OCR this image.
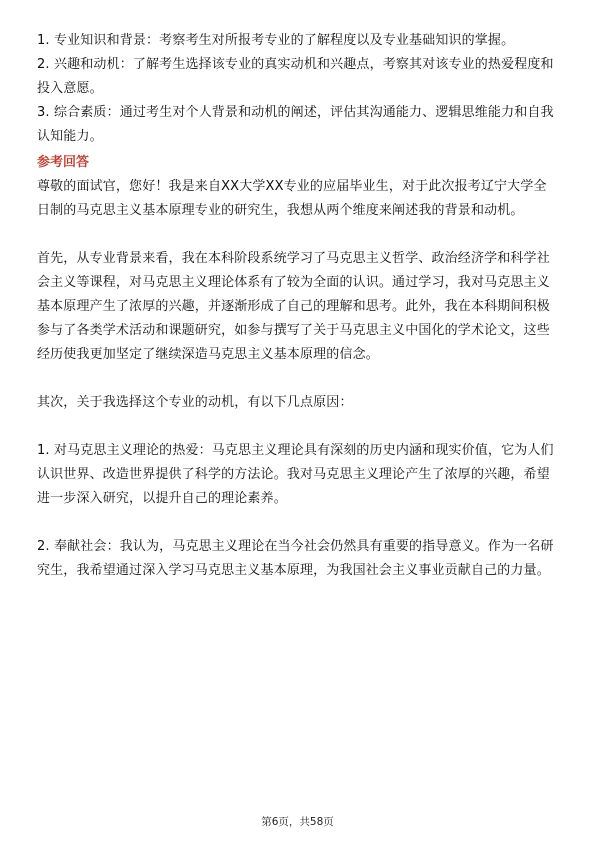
1. 专业知识和背景：考察考生对所报考专业的了解程度以及专业基础知识的掌握。

2. 兴趣和动机：了解考生选择该专业的真实动机和兴趣点，考察其对该专业的热爱程度和投入意愿。

3. 综合素质：通过考生对个人背景和动机的阐述，评估其沟通能力、逻辑思维能力和自我认知能力。

参考回答

尊敬的面试官，您好！我是来自XX大学XX专业的应届毕业生，对于此次报考辽宁大学全日制的马克思主义基本原理专业的研究生，我想从两个维度来阐述我的背景和动机。

首先，从专业背景来看，我在本科阶段系统学习了马克思主义哲学、政治经济学和科学社会主义等课程，对马克思主义理论体系有了较为全面的认识。通过学习，我对马克思主义基本原理产生了浓厚的兴趣，并逐渐形成了自己的理解和思考。此外，我在本科期间积极参与了各类学术活动和课题研究，如参与撰写了关于马克思主义中国化的学术论文，这些经历使我更加坚定了继续深造马克思主义基本原理的信念。

其次，关于我选择这个专业的动机，有以下几点原因：

1. 对马克思主义理论的热爱：马克思主义理论具有深刻的历史内涵和现实价值，它为人们认识世界、改造世界提供了科学的方法论。我对马克思主义理论产生了浓厚的兴趣，希望进一步深入研究，以提升自己的理论素养。

2. 奉献社会：我认为，马克思主义理论在当今社会仍然具有重要的指导意义。作为一名研究生，我希望通过深入学习马克思主义基本原理，为我国社会主义事业贡献自己的力量。

第6页，共58页
